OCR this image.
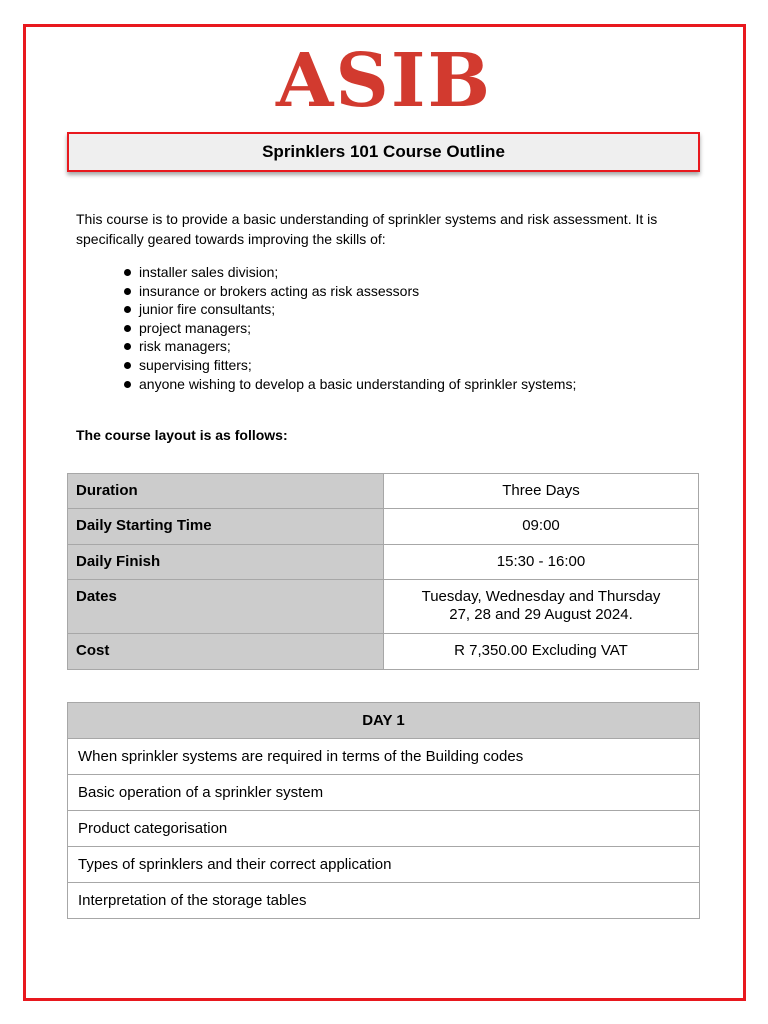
ASIB
Sprinklers 101 Course Outline

This course is to provide a basic understanding of sprinkler systems and risk assessment. It is specifically geared towards improving the skills of:

installer sales division;
insurance or brokers acting as risk assessors
junior fire consultants;
project managers;
risk managers;
supervising fitters;
anyone wishing to develop a basic understanding of sprinkler systems;
The course layout is as follows:
Duration	Three Days
Daily Starting Time	09:00
Daily Finish	15:30 - 16:00
Dates	Tuesday, Wednesday and Thursday
27, 28 and 29 August 2024.

Cost	R 7,350.00 Excluding VAT
DAY 1
When sprinkler systems are required in terms of the Building codes
Basic operation of a sprinkler system
Product categorisation
Types of sprinklers and their correct application
Interpretation of the storage tables
